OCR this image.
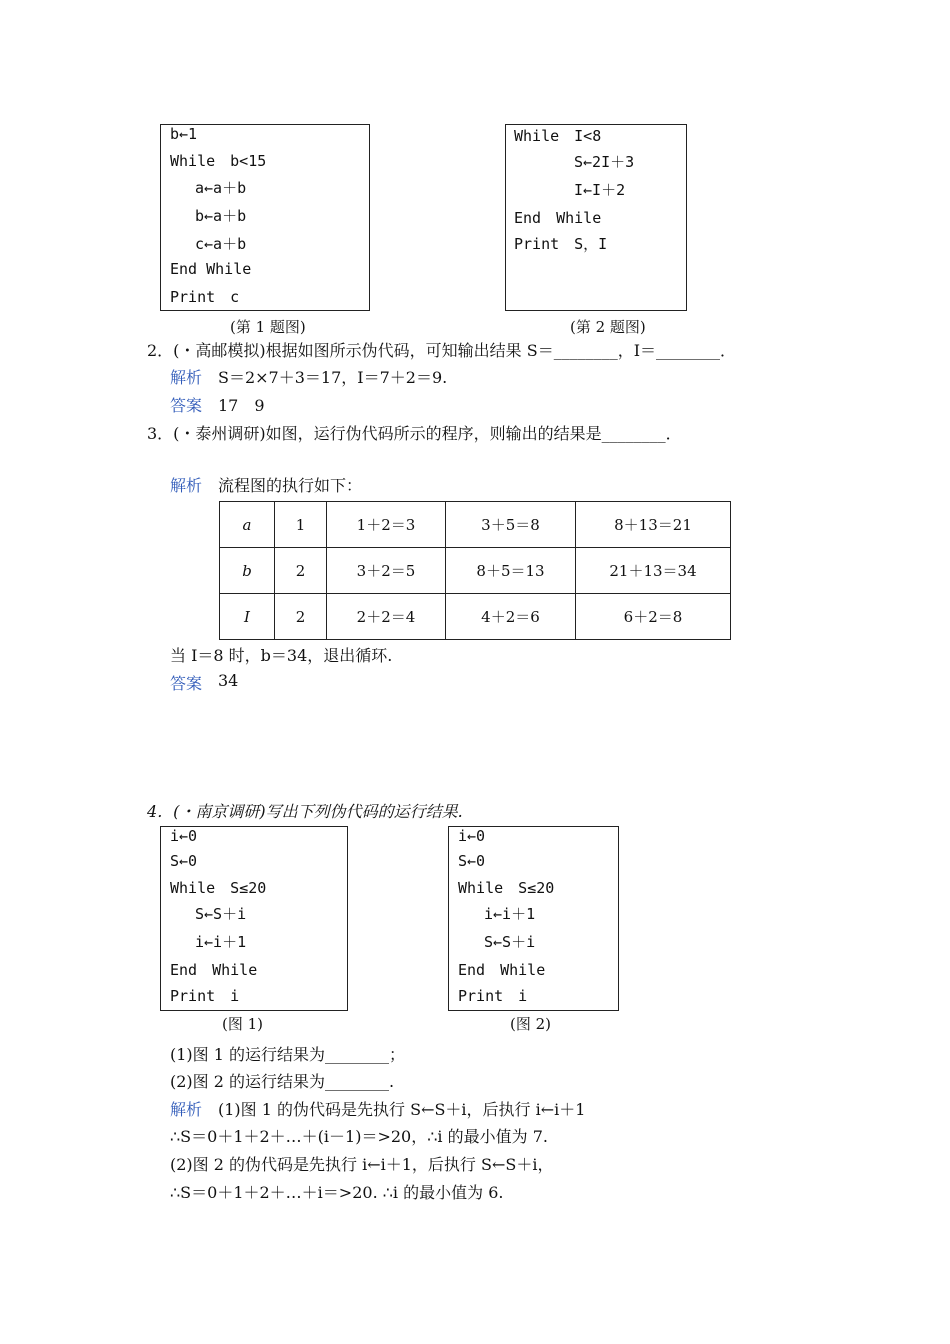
b←1
While　b<15
a←a＋b
b←a＋b
c←a＋b
End While
Print　c
(第 1 题图)
While　I<8
S←2I＋3
I←I＋2
End　While
Print　S，I
(第 2 题图)
2．(・高邮模拟)根据如图所示伪代码，可知输出结果 S＝________，I＝________．
解析 S＝2×7＋3＝17，I＝7＋2＝9.
答案 17　9
3．(・泰州调研)如图，运行伪代码所示的程序，则输出的结果是________．
解析 流程图的执行如下：
a	1	1＋2＝3	3＋5＝8	8＋13＝21
b	2	3＋2＝5	8＋5＝13	21＋13＝34
I	2	2＋2＝4	4＋2＝6	6＋2＝8
当 I＝8 时，b＝34，退出循环.
答案 34
4．(・南京调研)写出下列伪代码的运行结果.
i←0
S←0
While　S≤20
S←S＋i
i←i＋1
End　While
Print　i
(图 1)
i←0
S←0
While　S≤20
i←i＋1
S←S＋i
End　While
Print　i
(图 2)
(1)图 1 的运行结果为________；
(2)图 2 的运行结果为________.
解析 (1)图 1 的伪代码是先执行 S←S＋i，后执行 i←i＋1
∴S＝0＋1＋2＋…＋(i－1)＝>20，∴i 的最小值为 7.
(2)图 2 的伪代码是先执行 i←i＋1，后执行 S←S＋i，
∴S＝0＋1＋2＋…＋i＝>20. ∴i 的最小值为 6.
